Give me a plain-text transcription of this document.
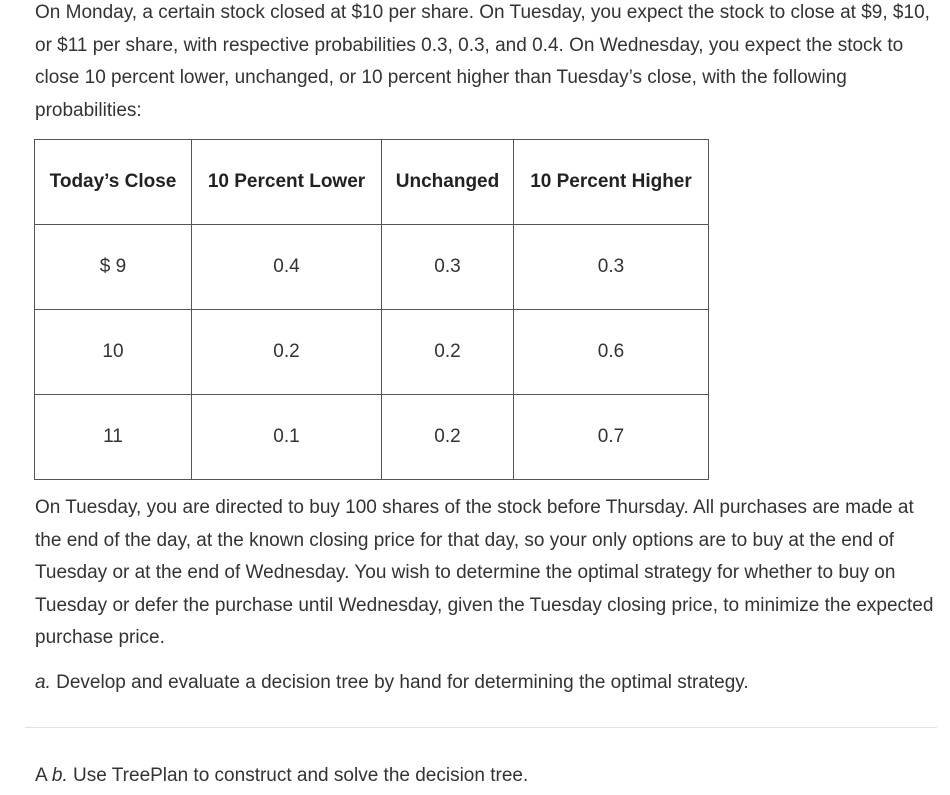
On Monday, a certain stock closed at $10 per share. On Tuesday, you expect the stock to close at $9, $10, or $11 per share, with respective probabilities 0.3, 0.3, and 0.4. On Wednesday, you expect the stock to close 10 percent lower, unchanged, or 10 percent higher than Tuesday’s close, with the following probabilities:

Today’s Close	10 Percent Lower	Unchanged	10 Percent Higher
$ 9	0.4	0.3	0.3
10	0.2	0.2	0.6
11	0.1	0.2	0.7

On Tuesday, you are directed to buy 100 shares of the stock before Thursday. All purchases are made at the end of the day, at the known closing price for that day, so your only options are to buy at the end of Tuesday or at the end of Wednesday. You wish to determine the optimal strategy for whether to buy on Tuesday or defer the purchase until Wednesday, given the Tuesday closing price, to minimize the expected purchase price.

a. Develop and evaluate a decision tree by hand for determining the optimal strategy.

A b. Use TreePlan to construct and solve the decision tree.
